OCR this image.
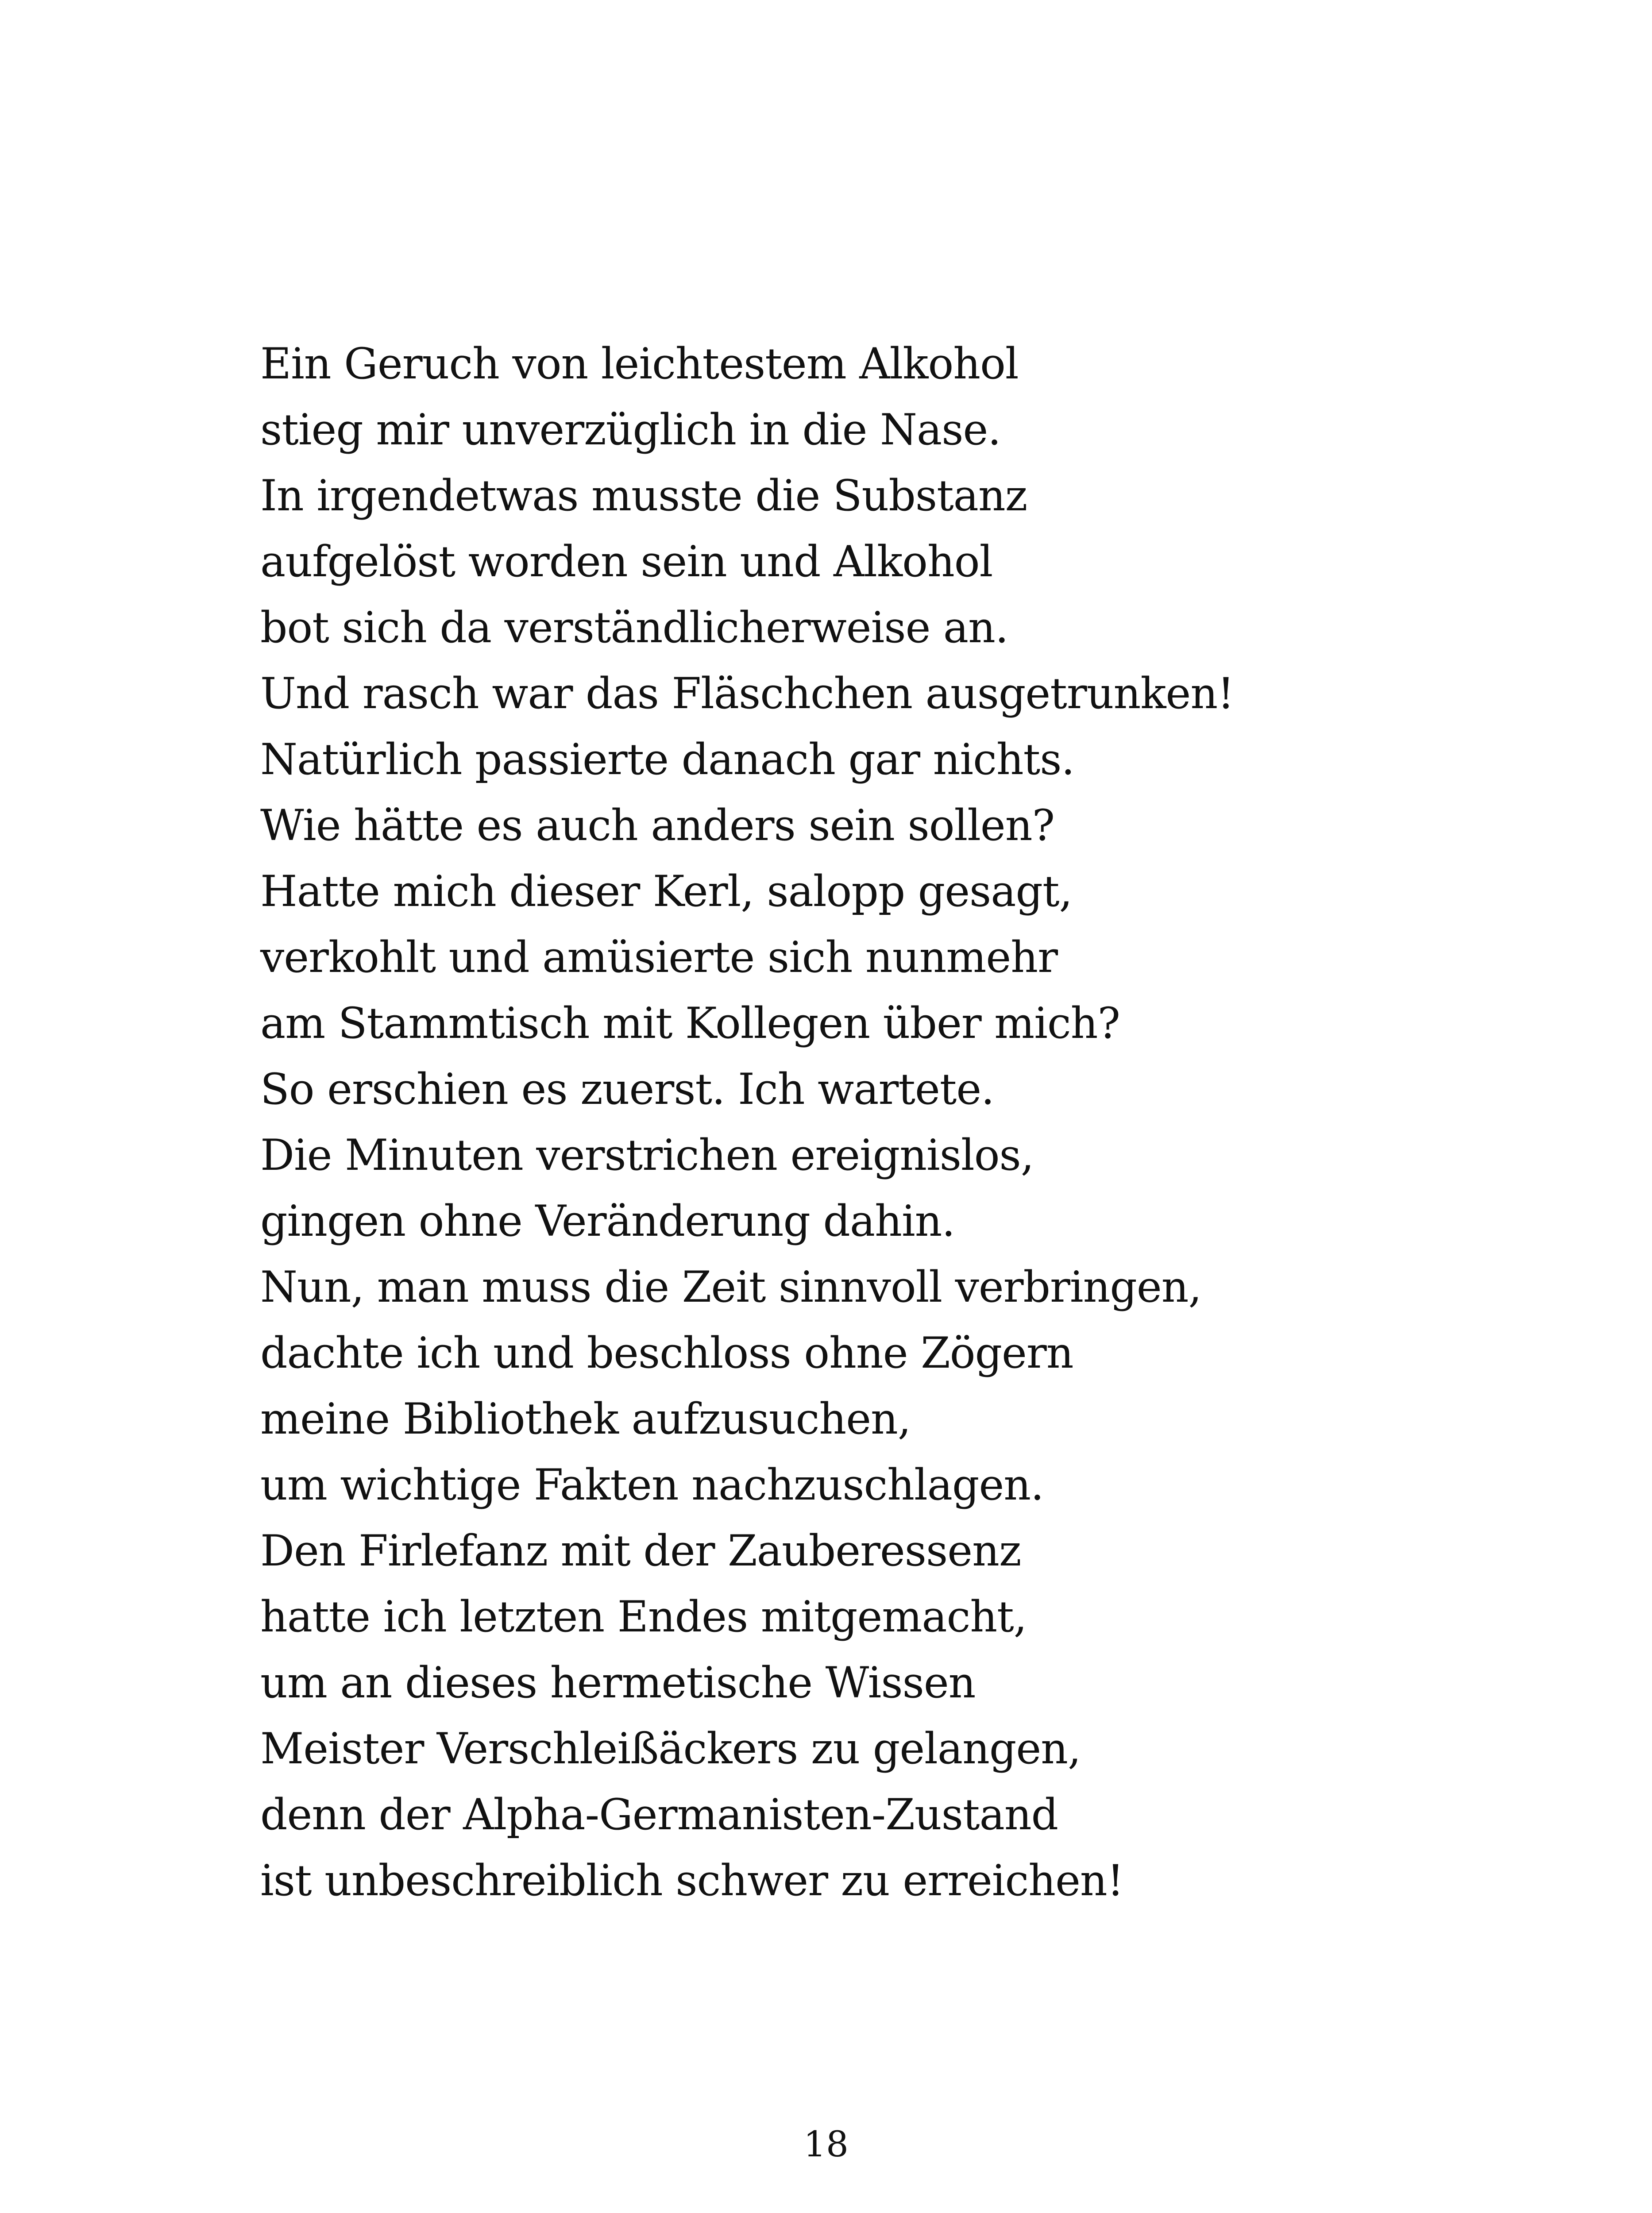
Ein Geruch von leichtestem Alkohol
stieg mir unverzüglich in die Nase.
In irgendetwas musste die Substanz
aufgelöst worden sein und Alkohol
bot sich da verständlicherweise an.
Und rasch war das Fläschchen ausgetrunken!
Natürlich passierte danach gar nichts.
Wie hätte es auch anders sein sollen?
Hatte mich dieser Kerl, salopp gesagt,
verkohlt und amüsierte sich nunmehr
am Stammtisch mit Kollegen über mich?
So erschien es zuerst. Ich wartete.
Die Minuten verstrichen ereignislos,
gingen ohne Veränderung dahin.
Nun, man muss die Zeit sinnvoll verbringen,
dachte ich und beschloss ohne Zögern
meine Bibliothek aufzusuchen,
um wichtige Fakten nachzuschlagen.
Den Firlefanz mit der Zauberessenz
hatte ich letzten Endes mitgemacht,
um an dieses hermetische Wissen
Meister Verschleißäckers zu gelangen,
denn der Alpha-Germanisten-Zustand
ist unbeschreiblich schwer zu erreichen!
18
